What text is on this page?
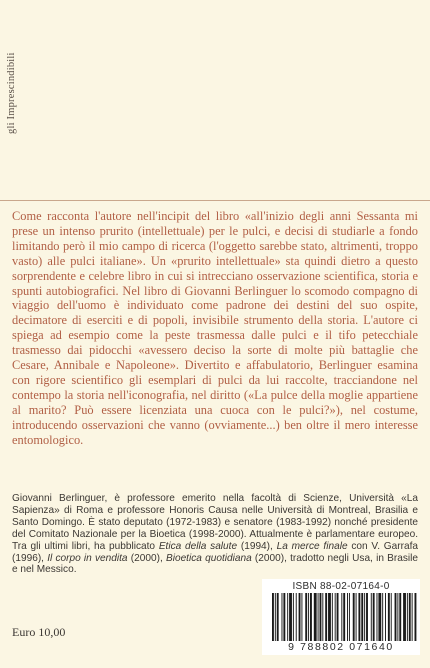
gli Imprescindibili

Come racconta l'autore nell'incipit del libro «all'inizio degli anni Sessanta mi prese un intenso prurito (intellettuale) per le pulci, e decisi di studiarle a fondo limitando però il mio campo di ricerca (l'oggetto sarebbe stato, altrimenti, troppo vasto) alle pulci italiane». Un «prurito intellettuale» sta quindi dietro a questo sorprendente e celebre libro in cui si intrecciano osservazione scientifica, storia e spunti autobiografici. Nel libro di Giovanni Berlinguer lo scomodo compagno di viaggio dell'uomo è individuato come padrone dei destini del suo ospite, decimatore di eserciti e di popoli, invisibile strumento della storia. L'autore ci spiega ad esempio come la peste trasmessa dalle pulci e il tifo petecchiale trasmesso dai pidocchi «avessero deciso la sorte di molte più battaglie che Cesare, Annibale e Napoleone». Divertito e affabulatorio, Berlinguer esamina con rigore scientifico gli esemplari di pulci da lui raccolte, tracciandone nel contempo la storia nell'iconografia, nel diritto («La pulce della moglie appartiene al marito? Può essere licenziata una cuoca con le pulci?»), nel costume, introducendo osservazioni che vanno (ovviamente...) ben oltre il mero interesse entomologico.

Giovanni Berlinguer, è professore emerito nella facoltà di Scienze, Università «La Sapienza» di Roma e professore Honoris Causa nelle Università di Montreal, Brasilia e Santo Domingo. È stato deputato (1972-1983) e senatore (1983-1992) nonché presidente del Comitato Nazionale per la Bioetica (1998-2000). Attualmente è parlamentare europeo. Tra gli ultimi libri, ha pubblicato Etica della salute (1994), La merce finale con V. Garrafa (1996), Il corpo in vendita (2000), Bioetica quotidiana (2000), tradotto negli Usa, in Brasile e nel Messico.

ISBN 88-02-07164-0
9 788802 071640
Euro 10,00
